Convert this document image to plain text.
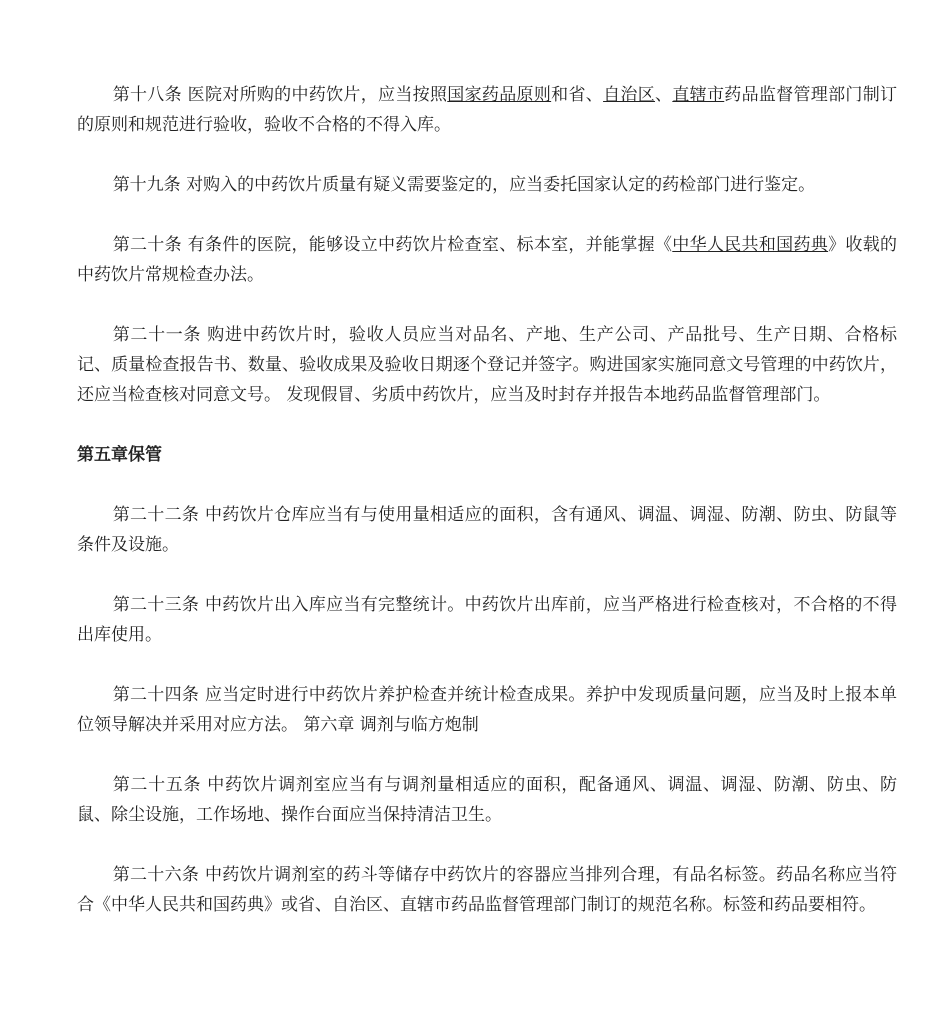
第十八条 医院对所购的中药饮片，应当按照国家药品原则和省、自治区、直辖市药品监督管理部门制订的原则和规范进行验收，验收不合格的不得入库。

第十九条 对购入的中药饮片质量有疑义需要鉴定的，应当委托国家认定的药检部门进行鉴定。

第二十条 有条件的医院，能够设立中药饮片检查室、标本室，并能掌握《中华人民共和国药典》收载的中药饮片常规检查办法。

第二十一条 购进中药饮片时，验收人员应当对品名、产地、生产公司、产品批号、生产日期、合格标记、质量检查报告书、数量、验收成果及验收日期逐个登记并签字。购进国家实施同意文号管理的中药饮片，还应当检查核对同意文号。 发现假冒、劣质中药饮片，应当及时封存并报告本地药品监督管理部门。

第五章保管

第二十二条 中药饮片仓库应当有与使用量相适应的面积，含有通风、调温、调湿、防潮、防虫、防鼠等条件及设施。

第二十三条 中药饮片出入库应当有完整统计。中药饮片出库前，应当严格进行检查核对，不合格的不得出库使用。

第二十四条 应当定时进行中药饮片养护检查并统计检查成果。养护中发现质量问题，应当及时上报本单位领导解决并采用对应方法。 第六章 调剂与临方炮制

第二十五条 中药饮片调剂室应当有与调剂量相适应的面积，配备通风、调温、调湿、防潮、防虫、防鼠、除尘设施，工作场地、操作台面应当保持清洁卫生。

第二十六条 中药饮片调剂室的药斗等储存中药饮片的容器应当排列合理，有品名标签。药品名称应当符合《中华人民共和国药典》或省、自治区、直辖市药品监督管理部门制订的规范名称。标签和药品要相符。
